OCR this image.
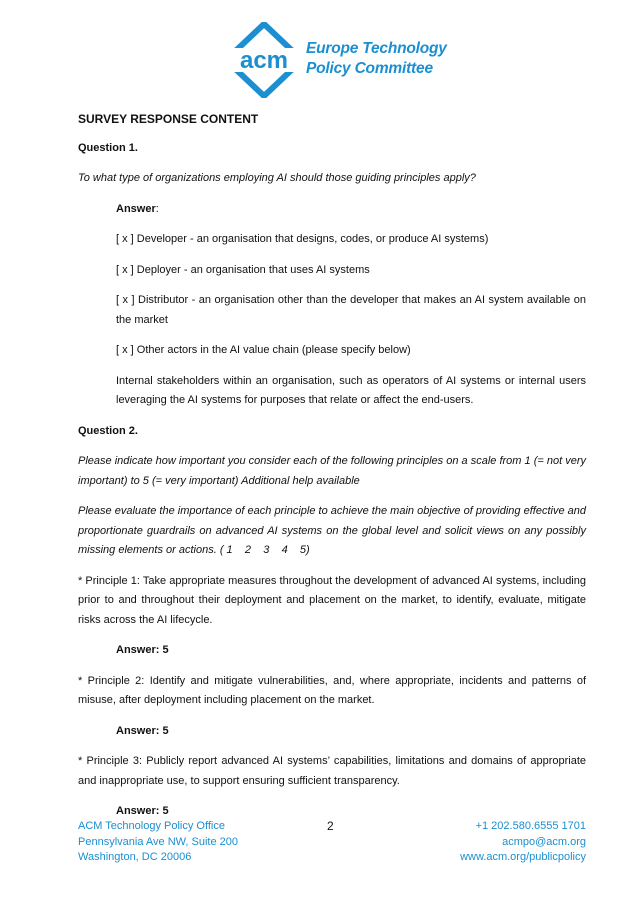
acm Europe Technology
Policy Committee
SURVEY RESPONSE CONTENT
Question 1.
To what type of organizations employing AI should those guiding principles apply?

Answer:

[ x ] Developer - an organisation that designs, codes, or produce AI systems)

[ x ] Deployer - an organisation that uses AI systems

[ x ] Distributor - an organisation other than the developer that makes an AI system available on the market

[ x ] Other actors in the AI value chain (please specify below)

Internal stakeholders within an organisation, such as operators of AI systems or internal users leveraging the AI systems for purposes that relate or affect the end-users.

Question 2.

Please indicate how important you consider each of the following principles on a scale from 1 (= not very important) to 5 (= very important) Additional help available

Please evaluate the importance of each principle to achieve the main objective of providing effective and proportionate guardrails on advanced AI systems on the global level and solicit views on any possibly missing elements or actions. ( 1    2    3    4    5)

* Principle 1: Take appropriate measures throughout the development of advanced AI systems, including prior to and throughout their deployment and placement on the market, to identify, evaluate, mitigate risks across the AI lifecycle.

Answer: 5

* Principle 2: Identify and mitigate vulnerabilities, and, where appropriate, incidents and patterns of misuse, after deployment including placement on the market.

Answer: 5

* Principle 3: Publicly report advanced AI systems’ capabilities, limitations and domains of appropriate and inappropriate use, to support ensuring sufficient transparency.

Answer: 5

ACM Technology Policy Office
Pennsylvania Ave NW, Suite 200
Washington, DC 20006
2	+1 202.580.6555 1701
acmpo@acm.org
www.acm.org/publicpolicy
